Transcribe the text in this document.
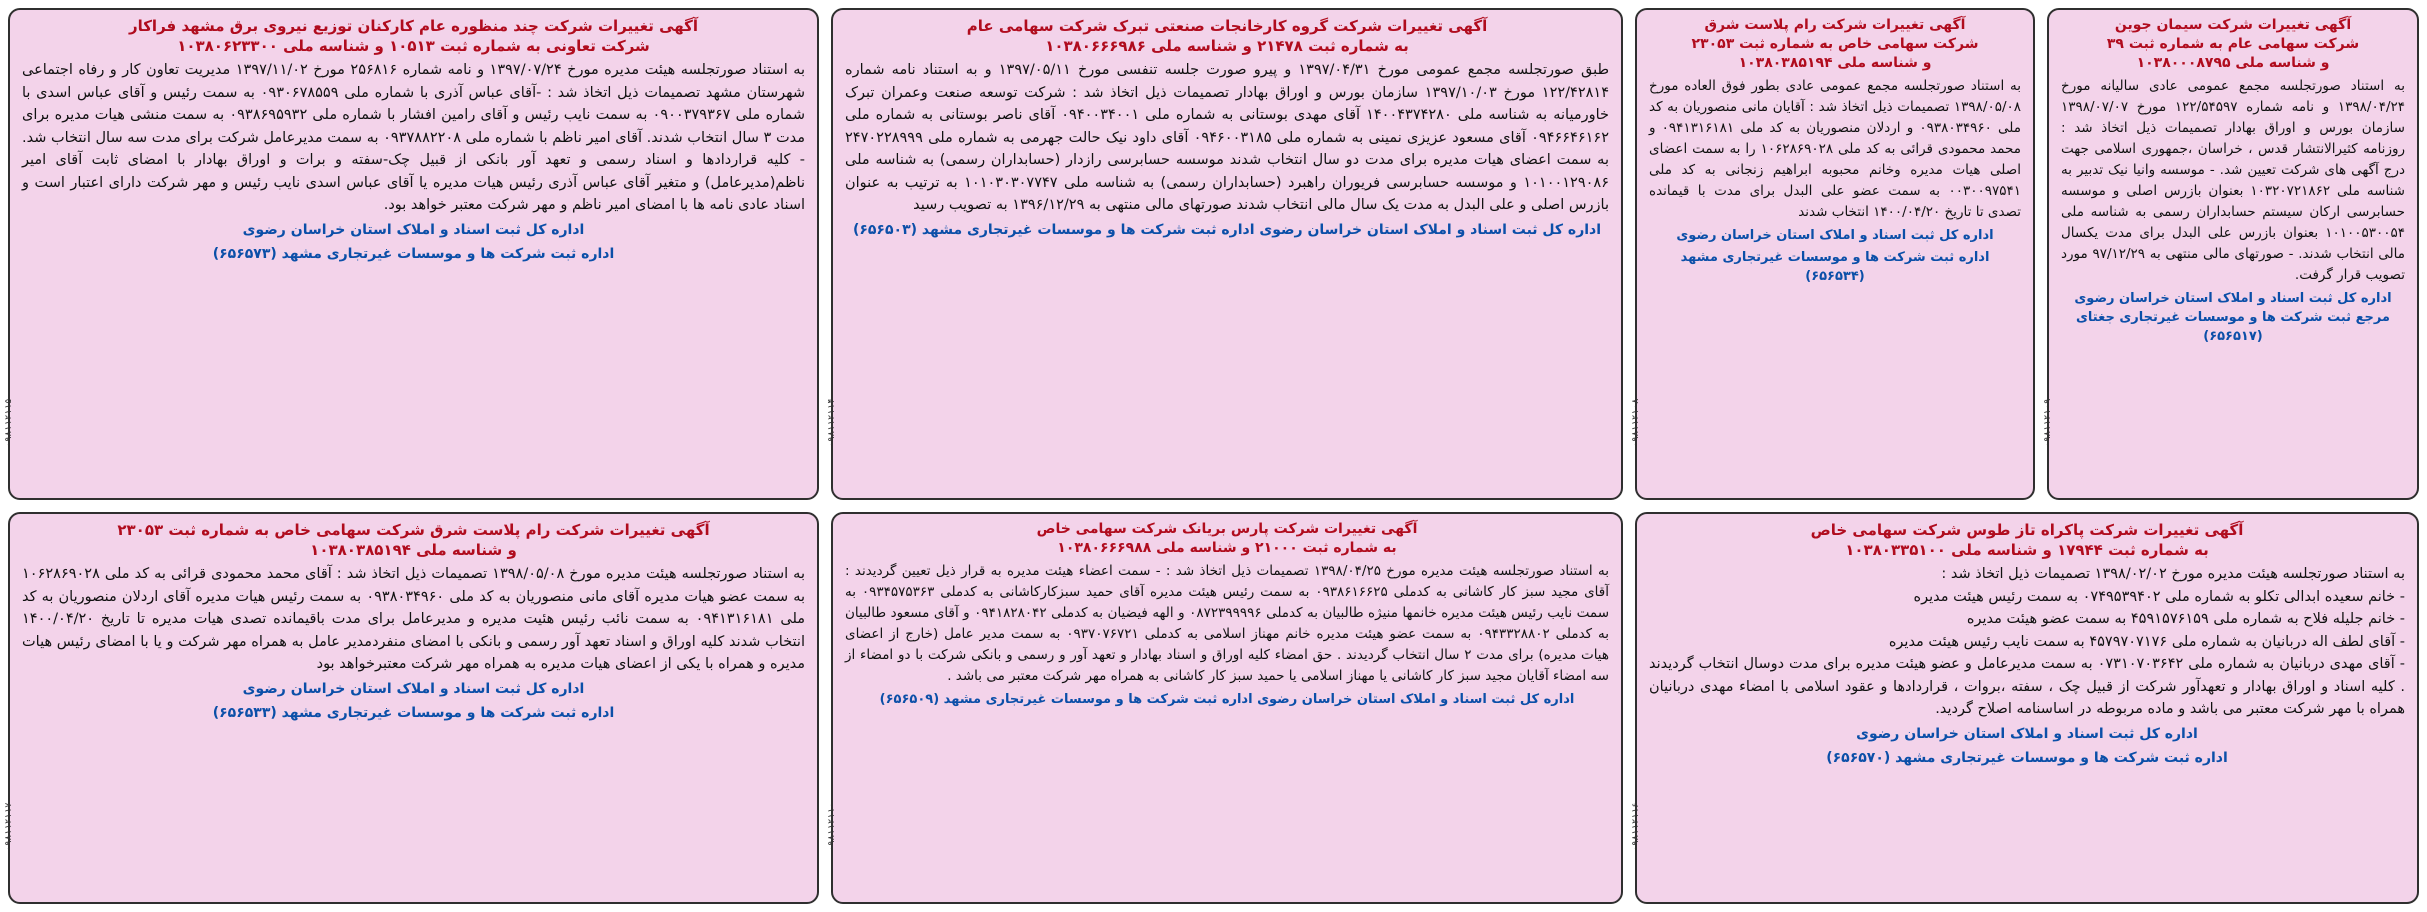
آگهی تغییرات شرکت سیمان جوین
شرکت سهامی عام به شماره ثبت ۳۹
و شناسه ملی ۱۰۳۸۰۰۰۸۷۹۵

به استناد صورتجلسه مجمع عمومی عادی سالیانه مورخ ۱۳۹۸/۰۴/۲۴ و نامه شماره ۱۲۲/۵۴۵۹۷ مورخ ۱۳۹۸/۰۷/۰۷ سازمان بورس و اوراق بهادار تصمیمات ذیل اتخاذ شد : روزنامه کثیرالانتشار قدس ، خراسان ،جمهوری اسلامی جهت درج آگهی های شرکت تعیین شد. - موسسه وانیا نیک تدبیر به شناسه ملی ۱۰۳۲۰۷۲۱۸۶۲ بعنوان بازرس اصلی و موسسه حسابرسی ارکان سیستم حسابداران رسمی به شناسه ملی ۱۰۱۰۰۵۳۰۰۵۴ بعنوان بازرس علی البدل برای مدت یکسال مالی انتخاب شدند. - صورتهای مالی منتهی به ۹۷/۱۲/۲۹ مورد تصویب قرار گرفت.

اداره کل ثبت اسناد و املاک استان خراسان رضوی مرجع ثبت شرکت ها و موسسات غیرتجاری جغتای (۶۵۶۵۱۷)
۰۹۸۱۱۲۱۰۹
آگهی تغییرات شرکت رام پلاست شرق
شرکت سهامی خاص به شماره ثبت ۲۳۰۵۳
و شناسه ملی ۱۰۳۸۰۳۸۵۱۹۴

به استناد صورتجلسه مجمع عمومی عادی بطور فوق العاده مورخ ۱۳۹۸/۰۵/۰۸ تصمیمات ذیل اتخاذ شد : آقایان مانی منصوریان به کد ملی ۰۹۳۸۰۳۴۹۶۰ و اردلان منصوریان به کد ملی ۰۹۴۱۳۱۶۱۸۱ و محمد محمودی قرائی به کد ملی ۱۰۶۲۸۶۹۰۲۸ را به سمت اعضای اصلی هیات مدیره وخانم محبوبه ابراهیم زنجانی به کد ملی ۰۰۳۰۰۹۷۵۴۱ به سمت عضو علی البدل برای مدت با قیمانده تصدی تا تاریخ ۱۴۰۰/۰۴/۲۰ انتخاب شدند

اداره کل ثبت اسناد و املاک استان خراسان رضوی
اداره ثبت شرکت ها و موسسات غیرتجاری مشهد (۶۵۶۵۳۴)
۰۹۸۱۱۲۱۰۸
آگهی تغییرات شرکت گروه کارخانجات صنعتی تبرک شرکت سهامی عام
به شماره ثبت ۲۱۴۷۸ و شناسه ملی ۱۰۳۸۰۶۶۶۹۸۶

طبق صورتجلسه مجمع عمومی مورخ ۱۳۹۷/۰۴/۳۱ و پیرو صورت جلسه تنفسی مورخ ۱۳۹۷/۰۵/۱۱ و به استناد نامه شماره ۱۲۲/۴۲۸۱۴ مورخ ۱۳۹۷/۱۰/۰۳ سازمان بورس و اوراق بهادار تصمیمات ذیل اتخاذ شد : شرکت توسعه صنعت وعمران تبرک خاورمیانه به شناسه ملی ۱۴۰۰۴۳۷۴۲۸۰ آقای مهدی بوستانی به شماره ملی ۰۹۴۰۰۳۴۰۰۱ آقای ناصر بوستانی به شماره ملی ۰۹۴۶۶۴۶۱۶۲ آقای مسعود عزیزی نمینی به شماره ملی ۰۹۴۶۰۰۳۱۸۵ آقای داود نیک حالت جهرمی به شماره ملی ۲۴۷۰۲۲۸۹۹۹ به سمت اعضای هیات مدیره برای مدت دو سال انتخاب شدند موسسه حسابرسی رازدار (حسابداران رسمی) به شناسه ملی ۱۰۱۰۰۱۲۹۰۸۶ و موسسه حسابرسی فریوران راهبرد (حسابداران رسمی) به شناسه ملی ۱۰۱۰۳۰۳۰۷۷۴۷ به ترتیب به عنوان بازرس اصلی و علی البدل به مدت یک سال مالی انتخاب شدند صورتهای مالی منتهی به ۱۳۹۶/۱۲/۲۹ به تصویب رسید

اداره کل ثبت اسناد و املاک استان خراسان رضوی اداره ثبت شرکت ها و موسسات غیرتجاری مشهد (۶۵۶۵۰۳)
۰۹۸۱۱۲۱۱۴
آگهی تغییرات شرکت چند منظوره عام کارکنان توزیع نیروی برق مشهد فراکار
شرکت تعاونی به شماره ثبت ۱۰۵۱۳ و شناسه ملی ۱۰۳۸۰۶۲۳۳۰۰

به استناد صورتجلسه هیئت مدیره مورخ ۱۳۹۷/۰۷/۲۴ و نامه شماره ۲۵۶۸۱۶ مورخ ۱۳۹۷/۱۱/۰۲ مدیریت تعاون کار و رفاه اجتماعی شهرستان مشهد تصمیمات ذیل اتخاذ شد : -آقای عباس آذری با شماره ملی ۰۹۳۰۶۷۸۵۵۹ به سمت رئیس و آقای عباس اسدی با شماره ملی ۰۹۰۰۳۷۹۳۶۷ به سمت نایب رئیس و آقای رامین افشار با شماره ملی ۰۹۳۸۶۹۵۹۳۲ به سمت منشی هیات مدیره برای مدت ۳ سال انتخاب شدند. آقای امیر ناظم با شماره ملی ۰۹۳۷۸۸۲۲۰۸ به سمت مدیرعامل شرکت برای مدت سه سال انتخاب شد. - کلیه قراردادها و اسناد رسمی و تعهد آور بانکی از قبیل چک-سفته و برات و اوراق بهادار با امضای ثابت آقای امیر ناظم(مدیرعامل) و متغیر آقای عباس آذری رئیس هیات مدیره یا آقای عباس اسدی نایب رئیس و مهر شرکت دارای اعتبار است و اسناد عادی نامه ها با امضای امیر ناظم و مهر شرکت معتبر خواهد بود.

اداره کل ثبت اسناد و املاک استان خراسان رضوی
اداره ثبت شرکت ها و موسسات غیرتجاری مشهد (۶۵۶۵۷۳)
۰۹۸۱۱۲۱۱۵
آگهی تغییرات شرکت پاکراه تاز طوس شرکت سهامی خاص
به شماره ثبت ۱۷۹۴۴ و شناسه ملی ۱۰۳۸۰۳۳۵۱۰۰

به استناد صورتجلسه هیئت مدیره مورخ ۱۳۹۸/۰۲/۰۲ تصمیمات ذیل اتخاذ شد :

- خانم سعیده ابدالی تکلو به شماره ملی ۰۷۴۹۵۳۹۴۰۲ به سمت رئیس هیئت مدیره

- خانم جلیله فلاح به شماره ملی ۴۵۹۱۵۷۶۱۵۹ به سمت عضو هیئت مدیره

- آقای لطف اله دربانیان به شماره ملی ۴۵۷۹۷۰۷۱۷۶ به سمت نایب رئیس هیئت مدیره

- آقای مهدی دربانیان به شماره ملی ۰۷۳۱۰۷۰۳۶۴۲ به سمت مدیرعامل و عضو هیئت مدیره برای مدت دوسال انتخاب گردیدند . کلیه اسناد و اوراق بهادار و تعهدآور شرکت از قبیل چک ، سفته ،بروات ، قراردادها و عقود اسلامی با امضاء مهدی دربانیان همراه با مهر شرکت معتبر می باشد و ماده مربوطه در اساسنامه اصلاح گردید.

اداره کل ثبت اسناد و املاک استان خراسان رضوی
اداره ثبت شرکت ها و موسسات غیرتجاری مشهد (۶۵۶۵۷۰)
۰۹۸۱۱۲۱۱۶
آگهی تغییرات شرکت پارس بریانک شرکت سهامی خاص
به شماره ثبت ۲۱۰۰۰ و شناسه ملی ۱۰۳۸۰۶۶۶۹۸۸

به استناد صورتجلسه هیئت مدیره مورخ ۱۳۹۸/۰۴/۲۵ تصمیمات ذیل اتخاذ شد : - سمت اعضاء هیئت مدیره به قرار ذیل تعیین گردیدند : آقای مجید سبز کار کاشانی به کدملی ۰۹۳۸۶۱۶۶۲۵ به سمت رئیس هیئت مدیره آقای حمید سبزکارکاشانی به کدملی ۰۹۳۴۵۷۵۳۶۳ به سمت نایب رئیس هیئت مدیره خانمها منیژه طالبیان به کدملی ۰۸۷۲۳۹۹۹۹۶ و الهه فیضیان به کدملی ۰۹۴۱۸۲۸۰۴۲ و آقای مسعود طالبیان به کدملی ۰۹۴۳۳۲۸۸۰۲ به سمت عضو هیئت مدیره خانم مهناز اسلامی به کدملی ۰۹۳۷۰۷۶۷۲۱ به سمت مدیر عامل (خارج از اعضای هیات مدیره) برای مدت ۲ سال انتخاب گردیدند . حق امضاء کلیه اوراق و اسناد بهادار و تعهد آور و رسمی و بانکی شرکت با دو امضاء از سه امضاء آقایان مجید سبز کار کاشانی یا مهناز اسلامی یا حمید سبز کار کاشانی به همراه مهر شرکت معتبر می باشد .

اداره کل ثبت اسناد و املاک استان خراسان رضوی اداره ثبت شرکت ها و موسسات غیرتجاری مشهد (۶۵۶۵۰۹)
۰۹۸۱۱۲۱۱۰
آگهی تغییرات شرکت رام پلاست شرق شرکت سهامی خاص به شماره ثبت ۲۳۰۵۳
و شناسه ملی ۱۰۳۸۰۳۸۵۱۹۴

به استناد صورتجلسه هیئت مدیره مورخ ۱۳۹۸/۰۵/۰۸ تصمیمات ذیل اتخاذ شد : آقای محمد محمودی قرائی به کد ملی ۱۰۶۲۸۶۹۰۲۸ به سمت عضو هیات مدیره آقای مانی منصوریان به کد ملی ۰۹۳۸۰۳۴۹۶۰ به سمت رئیس هیات مدیره آقای اردلان منصوریان به کد ملی ۰۹۴۱۳۱۶۱۸۱ به سمت نائب رئیس هئیت مدیره و مدیرعامل برای مدت باقیمانده تصدی هیات مدیره تا تاریخ ۱۴۰۰/۰۴/۲۰ انتخاب شدند کلیه اوراق و اسناد تعهد آور رسمی و بانکی با امضای منفردمدیر عامل به همراه مهر شرکت و یا با امضای رئیس هیات مدیره و همراه با یکی از اعضای هیات مدیره به همراه مهر شرکت معتبرخواهد بود

اداره کل ثبت اسناد و املاک استان خراسان رضوی
اداره ثبت شرکت ها و موسسات غیرتجاری مشهد (۶۵۶۵۳۳)
۰۹۸۱۱۲۱۱۷
